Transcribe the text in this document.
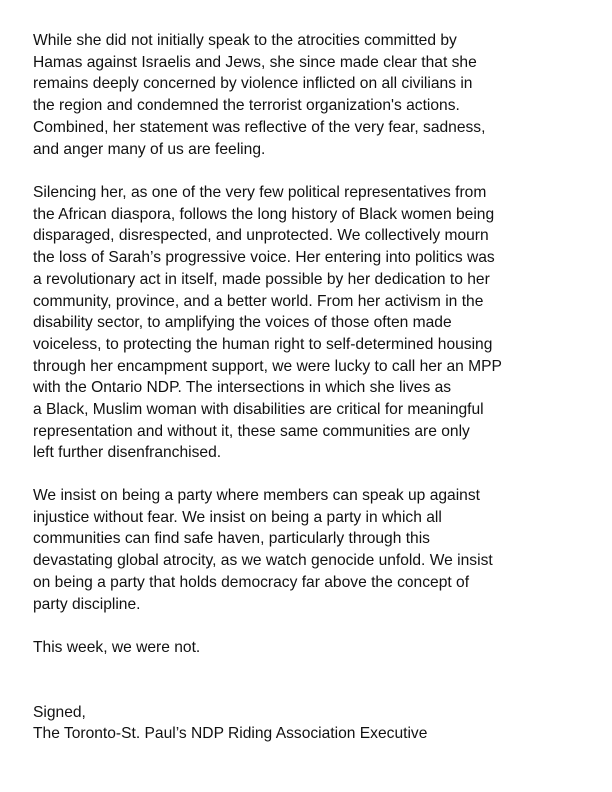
While she did not initially speak to the atrocities committed by
Hamas against Israelis and Jews, she since made clear that she
remains deeply concerned by violence inflicted on all civilians in
the region and condemned the terrorist organization's actions.
Combined, her statement was reflective of the very fear, sadness,
and anger many of us are feeling.

Silencing her, as one of the very few political representatives from
the African diaspora, follows the long history of Black women being
disparaged, disrespected, and unprotected. We collectively mourn
the loss of Sarah’s progressive voice. Her entering into politics was
a revolutionary act in itself, made possible by her dedication to her
community, province, and a better world. From her activism in the
disability sector, to amplifying the voices of those often made
voiceless, to protecting the human right to self-determined housing
through her encampment support, we were lucky to call her an MPP
with the Ontario NDP. The intersections in which she lives as
a Black, Muslim woman with disabilities are critical for meaningful
representation and without it, these same communities are only
left further disenfranchised.

We insist on being a party where members can speak up against
injustice without fear. We insist on being a party in which all
communities can find safe haven, particularly through this
devastating global atrocity, as we watch genocide unfold. We insist
on being a party that holds democracy far above the concept of
party discipline.

This week, we were not.

Signed,

The Toronto-St. Paul’s NDP Riding Association Executive
